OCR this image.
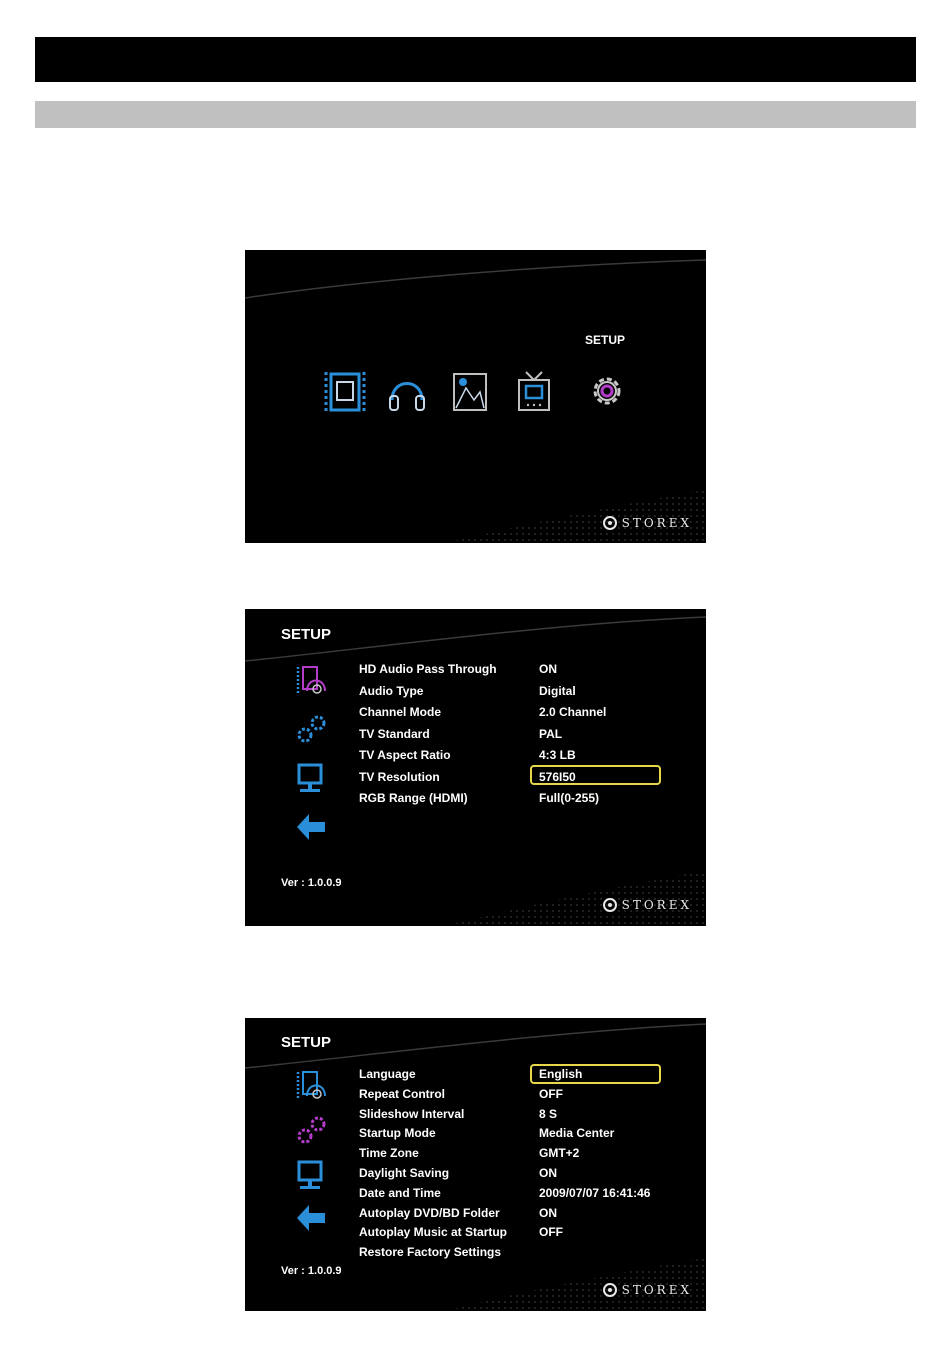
SETUP
STOREX
SETUP
HD Audio Pass Through	ON
Audio Type	Digital
Channel Mode	2.0 Channel
TV Standard	PAL
TV Aspect Ratio	4:3 LB
TV Resolution	576I50
RGB Range (HDMI)	Full(0-255)
Ver : 1.0.0.9
STOREX
SETUP
Language	English
Repeat Control	OFF
Slideshow Interval	8 S
Startup Mode	Media Center
Time Zone	GMT+2
Daylight Saving	ON
Date and Time	2009/07/07 16:41:46
Autoplay DVD/BD Folder	ON
Autoplay Music at Startup	OFF
Restore Factory Settings
Ver : 1.0.0.9
STOREX
